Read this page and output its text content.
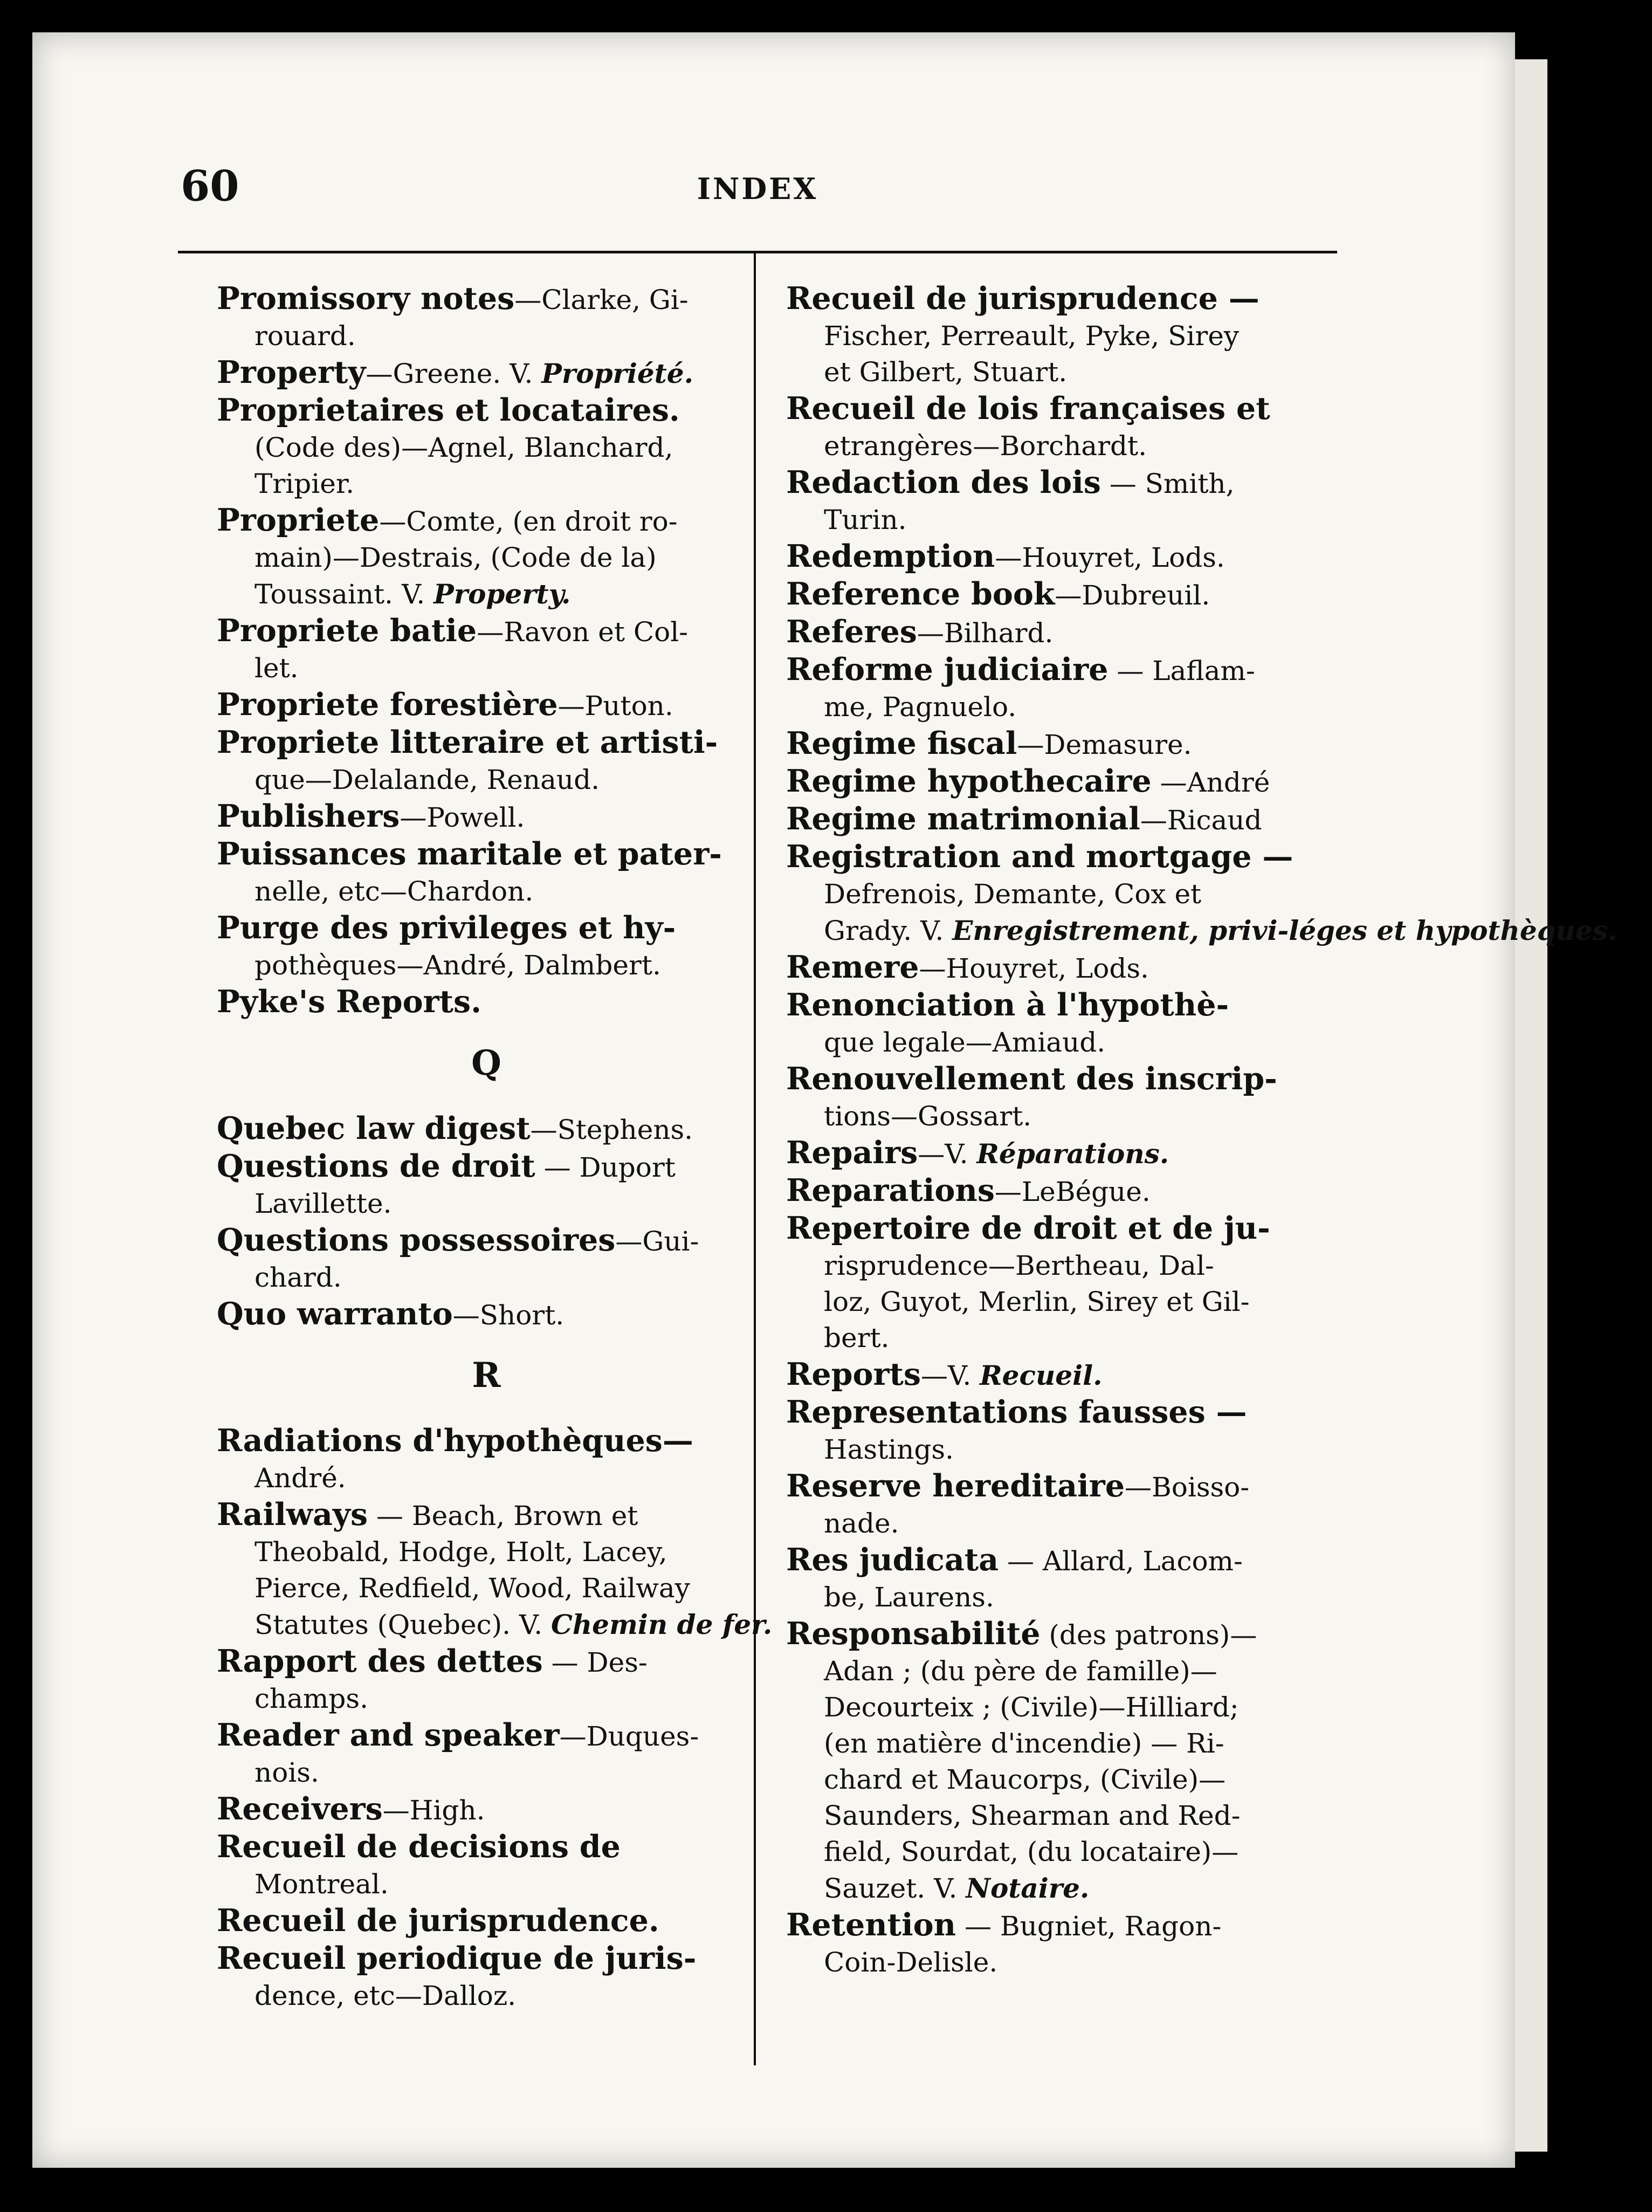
60	INDEX
Promissory notes—Clarke, Gi-
rouard.
Property—Greene. V. Propriété.
Proprietaires et locataires.
(Code des)—Agnel, Blanchard,
Tripier.
Propriete—Comte, (en droit ro-
main)—Destrais, (Code de la)
Toussaint. V. Property.
Propriete batie—Ravon et Col-
let.
Propriete forestière—Puton.
Propriete litteraire et artisti-
que—Delalande, Renaud.
Publishers—Powell.
Puissances maritale et pater-
nelle, etc—Chardon.
Purge des privileges et hy-
pothèques—André, Dalmbert.
Pyke's Reports.
Q
Quebec law digest—Stephens.
Questions de droit — Duport
Lavillette.
Questions possessoires—Gui-
chard.
Quo warranto—Short.
R
Radiations d'hypothèques—
André.
Railways — Beach, Brown et
Theobald, Hodge, Holt, Lacey,
Pierce, Redfield, Wood, Railway
Statutes (Quebec). V. Chemin de fer.
Rapport des dettes — Des-
champs.
Reader and speaker—Duques-
nois.
Receivers—High.
Recueil de decisions de
Montreal.
Recueil de jurisprudence.
Recueil periodique de juris-
dence, etc—Dalloz.
Recueil de jurisprudence —
Fischer, Perreault, Pyke, Sirey
et Gilbert, Stuart.
Recueil de lois françaises et
etrangères—Borchardt.
Redaction des lois — Smith,
Turin.
Redemption—Houyret, Lods.
Reference book—Dubreuil.
Referes—Bilhard.
Reforme judiciaire — Laflam-
me, Pagnuelo.
Regime fiscal—Demasure.
Regime hypothecaire —André
Regime matrimonial—Ricaud
Registration and mortgage —
Defrenois, Demante, Cox et
Grady. V. Enregistrement, privi-léges et hypothèques.
Remere—Houyret, Lods.
Renonciation à l'hypothè-
que legale—Amiaud.
Renouvellement des inscrip-
tions—Gossart.
Repairs—V. Réparations.
Reparations—LeBégue.
Repertoire de droit et de ju-
risprudence—Bertheau, Dal-
loz, Guyot, Merlin, Sirey et Gil-
bert.
Reports—V. Recueil.
Representations fausses —
Hastings.
Reserve hereditaire—Boisso-
nade.
Res judicata — Allard, Lacom-
be, Laurens.
Responsabilité (des patrons)—
Adan ; (du père de famille)—
Decourteix ; (Civile)—Hilliard;
(en matière d'incendie) — Ri-
chard et Maucorps, (Civile)—
Saunders, Shearman and Red-
field, Sourdat, (du locataire)—
Sauzet. V. Notaire.
Retention — Bugniet, Ragon-
Coin-Delisle.
